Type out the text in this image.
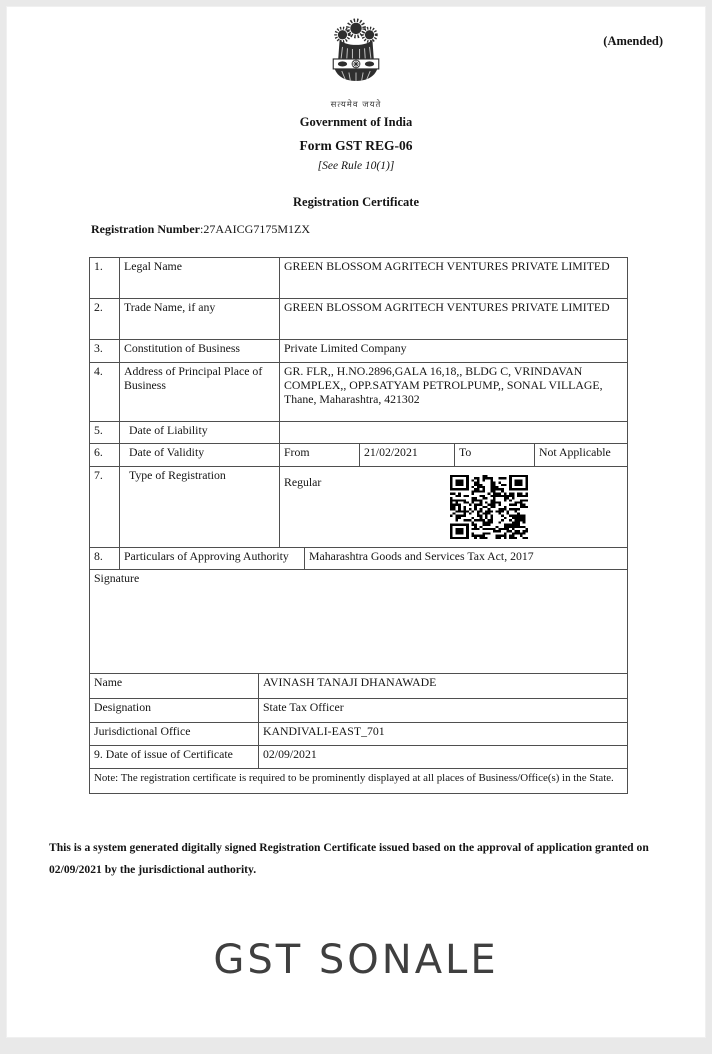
(Amended)
सत्यमेव जयते
Government of India
Form GST REG-06
[See Rule 10(1)]
Registration Certificate
Registration Number:27AAICG7175M1ZX
1.	Legal Name	GREEN BLOSSOM AGRITECH VENTURES PRIVATE LIMITED
2.	Trade Name, if any	GREEN BLOSSOM AGRITECH VENTURES PRIVATE LIMITED
3.	Constitution of Business	Private Limited Company
4.	Address of Principal Place of Business
GR. FLR,, H.NO.2896,GALA 16,18,, BLDG C, VRINDAVAN COMPLEX,, OPP.SATYAM PETROLPUMP,, SONAL VILLAGE, Thane, Maharashtra, 421302
5.	Date of Liability
6.	Date of Validity	From	21/02/2021	To	Not Applicable
7.	Type of Registration	Regular
8.	Particulars of Approving Authority	Maharashtra Goods and Services Tax Act, 2017
Signature
Name	AVINASH TANAJI DHANAWADE
Designation	State Tax Officer
Jurisdictional Office	KANDIVALI-EAST_701
9. Date of issue of Certificate	02/09/2021
Note: The registration certificate is required to be prominently displayed at all places of Business/Office(s) in the State.
This is a system generated digitally signed Registration Certificate issued based on the approval of application granted on 02/09/2021 by the jurisdictional authority.
GST SONALE
